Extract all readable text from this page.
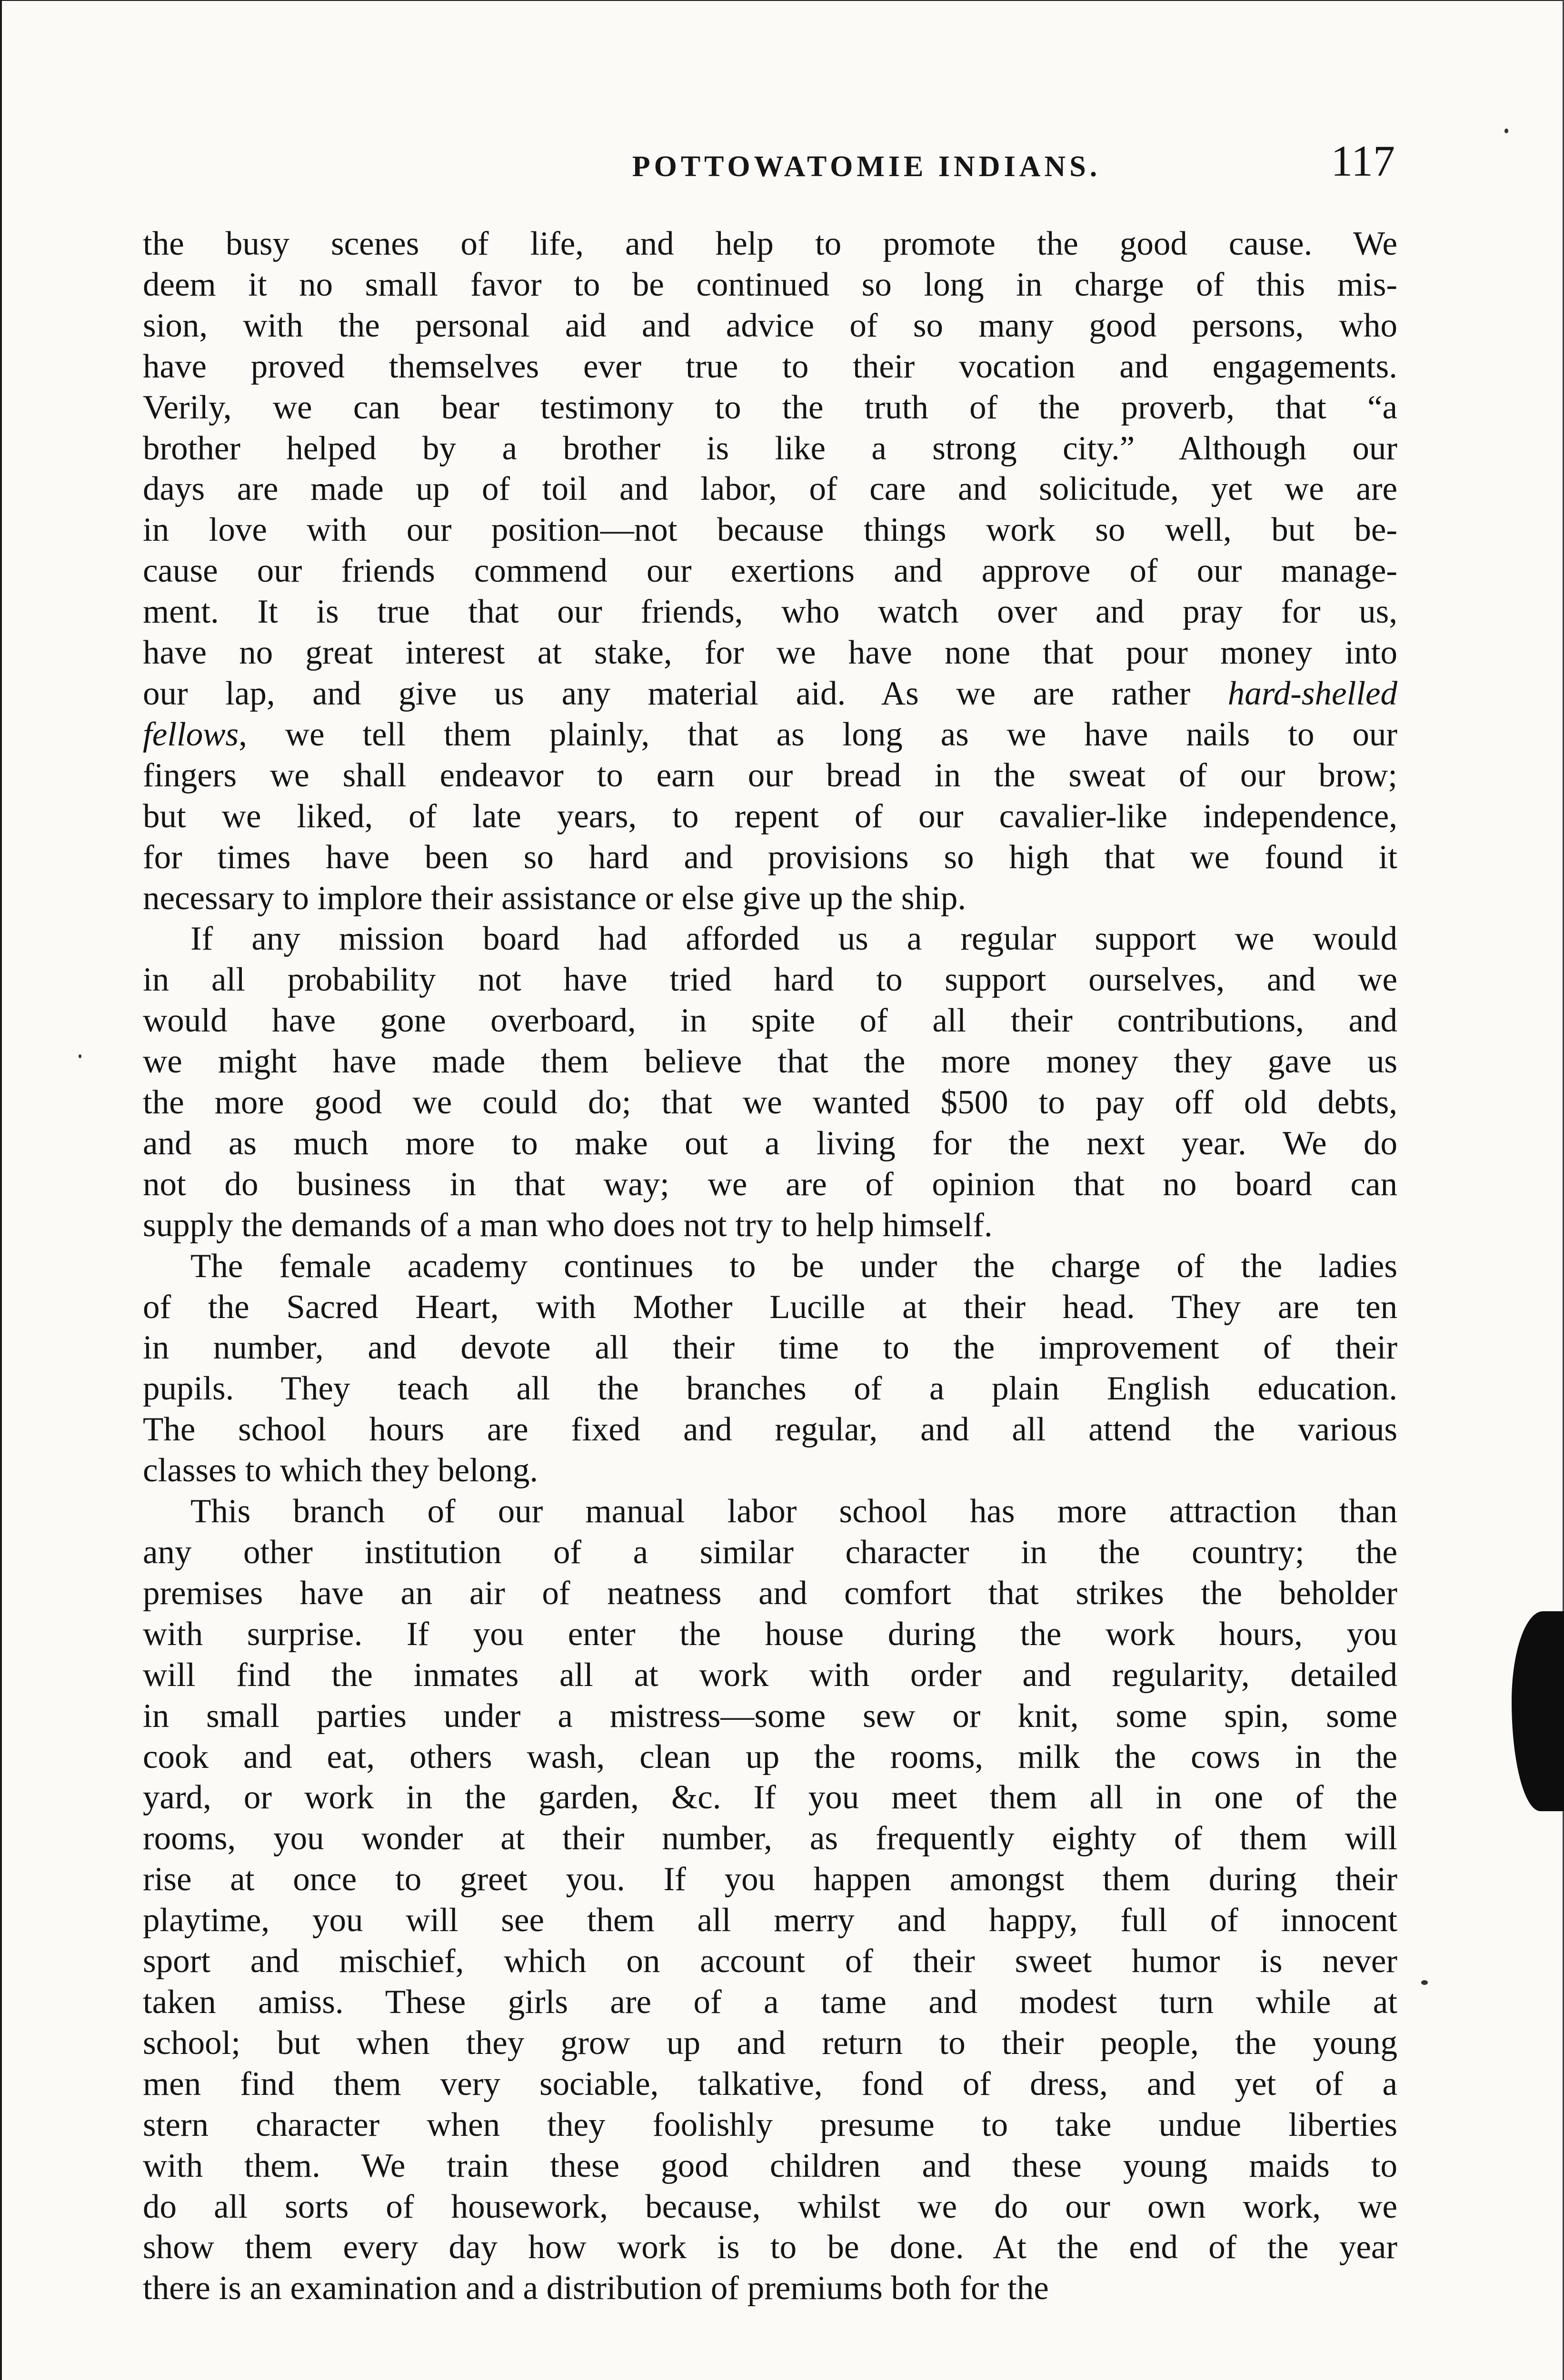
POTTOWATOMIE INDIANS.	117
the busy scenes of life, and help to promote the good cause. We
deem it no small favor to be continued so long in charge of this mis-
sion, with the personal aid and advice of so many good persons, who
have proved themselves ever true to their vocation and engagements.
Verily, we can bear testimony to the truth of the proverb, that “a
brother helped by a brother is like a strong city.” Although our
days are made up of toil and labor, of care and solicitude, yet we are
in love with our position—not because things work so well, but be-
cause our friends commend our exertions and approve of our manage-
ment. It is true that our friends, who watch over and pray for us,
have no great interest at stake, for we have none that pour money into
our lap, and give us any material aid. As we are rather hard-shelled
fellows, we tell them plainly, that as long as we have nails to our
fingers we shall endeavor to earn our bread in the sweat of our brow;
but we liked, of late years, to repent of our cavalier-like independence,
for times have been so hard and provisions so high that we found it
necessary to implore their assistance or else give up the ship.
If any mission board had afforded us a regular support we would
in all probability not have tried hard to support ourselves, and we
would have gone overboard, in spite of all their contributions, and
we might have made them believe that the more money they gave us
the more good we could do; that we wanted $500 to pay off old debts,
and as much more to make out a living for the next year. We do
not do business in that way; we are of opinion that no board can
supply the demands of a man who does not try to help himself.
The female academy continues to be under the charge of the ladies
of the Sacred Heart, with Mother Lucille at their head. They are ten
in number, and devote all their time to the improvement of their
pupils. They teach all the branches of a plain English education.
The school hours are fixed and regular, and all attend the various
classes to which they belong.
This branch of our manual labor school has more attraction than
any other institution of a similar character in the country; the
premises have an air of neatness and comfort that strikes the beholder
with surprise. If you enter the house during the work hours, you
will find the inmates all at work with order and regularity, detailed
in small parties under a mistress—some sew or knit, some spin, some
cook and eat, others wash, clean up the rooms, milk the cows in the
yard, or work in the garden, &c. If you meet them all in one of the
rooms, you wonder at their number, as frequently eighty of them will
rise at once to greet you. If you happen amongst them during their
playtime, you will see them all merry and happy, full of innocent
sport and mischief, which on account of their sweet humor is never
taken amiss. These girls are of a tame and modest turn while at
school; but when they grow up and return to their people, the young
men find them very sociable, talkative, fond of dress, and yet of a
stern character when they foolishly presume to take undue liberties
with them. We train these good children and these young maids to
do all sorts of housework, because, whilst we do our own work, we
show them every day how work is to be done. At the end of the year
there is an examination and a distribution of premiums both for the
